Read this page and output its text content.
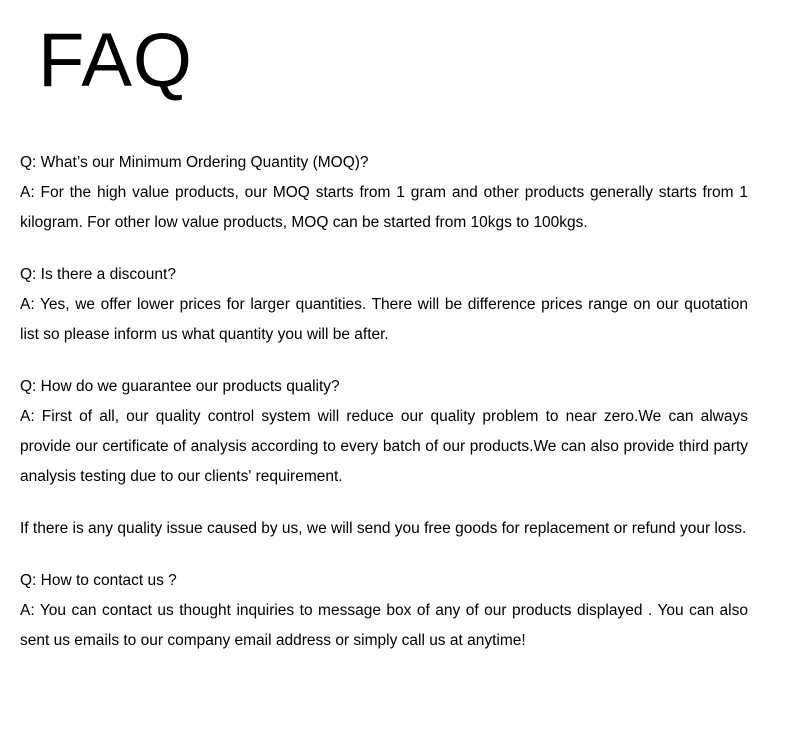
FAQ

Q: What’s our Minimum Ordering Quantity (MOQ)?

A: For the high value products, our MOQ starts from 1 gram and other products generally starts from 1 kilogram. For other low value products, MOQ can be started from 10kgs to 100kgs.

Q: Is there a discount?

A: Yes, we offer lower prices for larger quantities. There will be difference prices range on our quotation list so please inform us what quantity you will be after.

Q: How do we guarantee our products quality?

A: First of all, our quality control system will reduce our quality problem to near zero.We can always provide our certificate of analysis according to every batch of our products.We can also provide third party analysis testing due to our clients' requirement.

If there is any quality issue caused by us, we will send you free goods for replacement or refund your loss.

Q: How to contact us ?

A: You can contact us thought inquiries to message box of any of our products displayed . You can also sent us emails to our company email address or simply call us at anytime!
